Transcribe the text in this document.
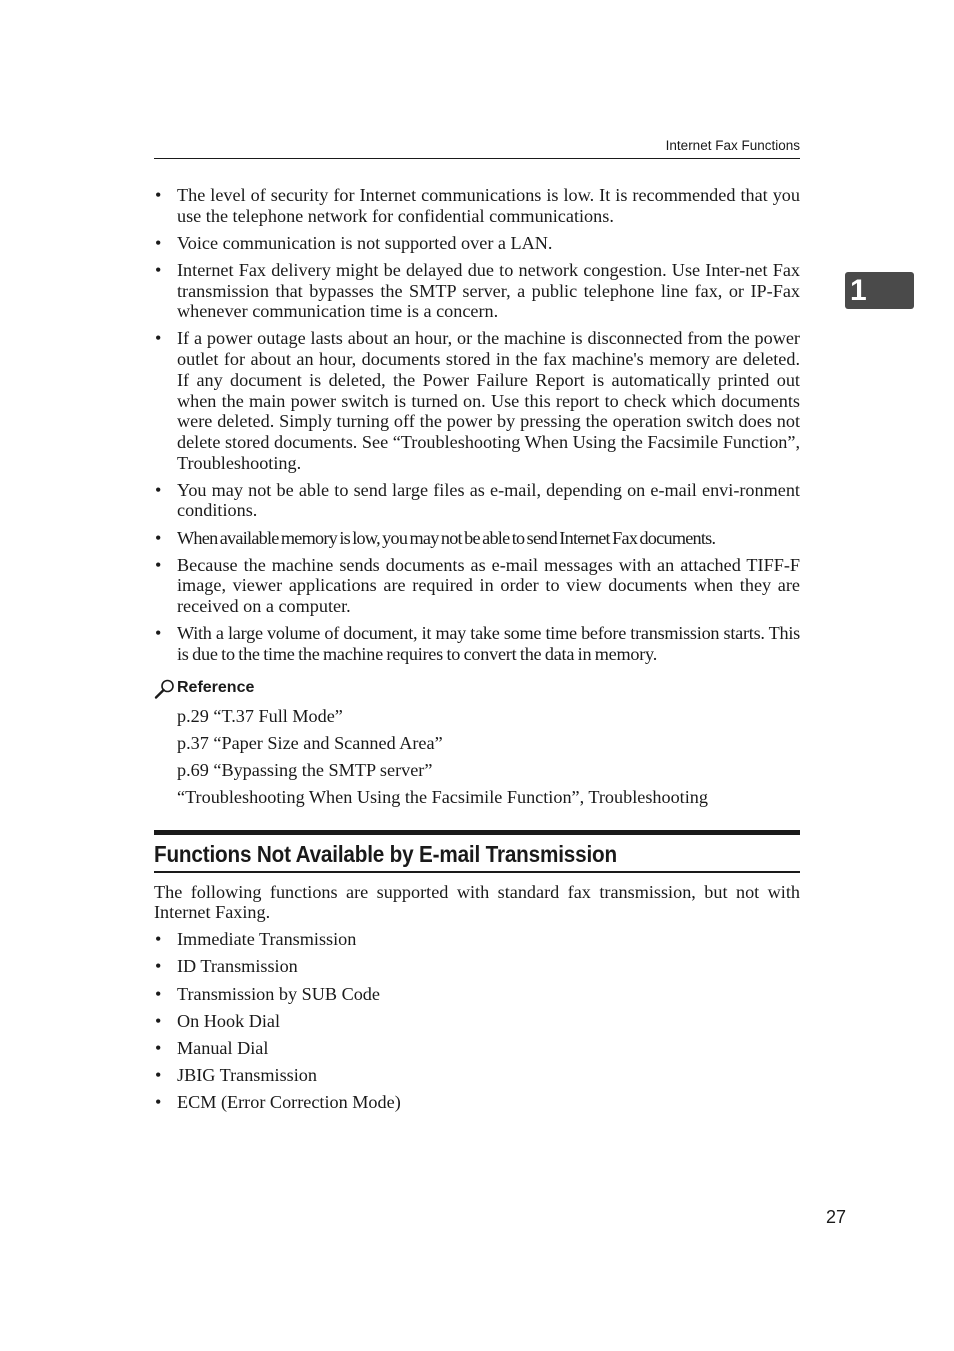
Internet Fax Functions
1
• The level of security for Internet communications is low. It is recommended that you use the telephone network for confidential communications.
• Voice communication is not supported over a LAN.
• Internet Fax delivery might be delayed due to network congestion. Use Inter-net Fax transmission that bypasses the SMTP server, a public telephone line fax, or IP-Fax whenever communication time is a concern.
• If a power outage lasts about an hour, or the machine is disconnected from the power outlet for about an hour, documents stored in the fax machine's memory are deleted. If any document is deleted, the Power Failure Report is automatically printed out when the main power switch is turned on. Use this report to check which documents were deleted. Simply turning off the power by pressing the operation switch does not delete stored documents. See “Troubleshooting When Using the Facsimile Function”, Troubleshooting.
• You may not be able to send large files as e-mail, depending on e-mail envi-ronment conditions.
• When available memory is low, you may not be able to send Internet Fax documents.
• Because the machine sends documents as e-mail messages with an attached TIFF-F image, viewer applications are required in order to view documents when they are received on a computer.
• With a large volume of document, it may take some time before transmission starts. This is due to the time the machine requires to convert the data in memory.
Reference
p.29 “T.37 Full Mode”
p.37 “Paper Size and Scanned Area”
p.69 “Bypassing the SMTP server”
“Troubleshooting When Using the Facsimile Function”, Troubleshooting
Functions Not Available by E-mail Transmission
The following functions are supported with standard fax transmission, but not with Internet Faxing.
• Immediate Transmission
• ID Transmission
• Transmission by SUB Code
• On Hook Dial
• Manual Dial
• JBIG Transmission
• ECM (Error Correction Mode)
27
